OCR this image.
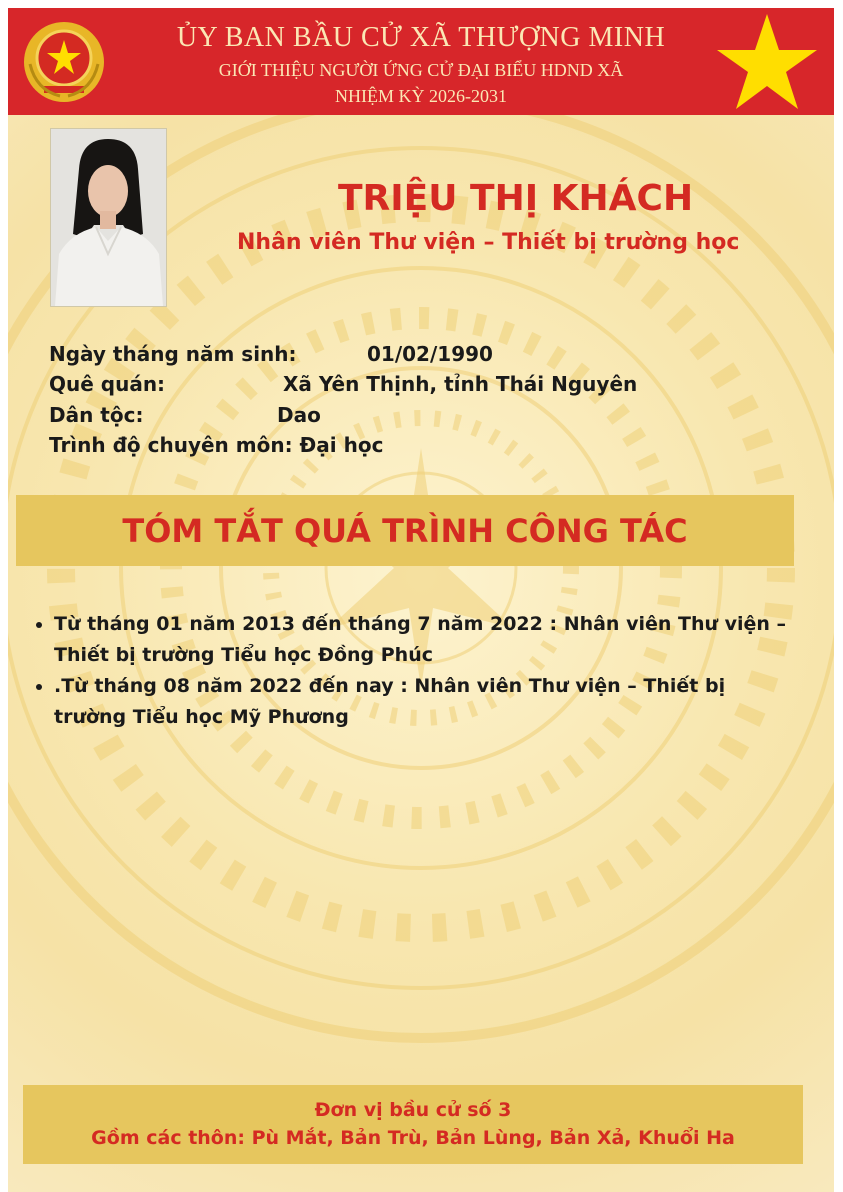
ỦY BAN BẦU CỬ XÃ THƯỢNG MINH
GIỚI THIỆU NGƯỜI ỨNG CỬ ĐẠI BIỂU HDND XÃ
NHIỆM KỲ 2026-2031
TRIỆU THỊ KHÁCH
Nhân viên Thư viện – Thiết bị trường học
Ngày tháng năm sinh:	01/02/1990
Quê quán:	Xã Yên Thịnh, tỉnh Thái Nguyên
Dân tộc:	Dao
Trình độ chuyên môn: Đại học
TÓM TẮT QUÁ TRÌNH CÔNG TÁC
• Từ tháng 01 năm 2013 đến tháng 7 năm 2022 : Nhân viên Thư viện – Thiết bị trường Tiểu học Đồng Phúc
• .Từ tháng 08 năm 2022 đến nay : Nhân viên Thư viện – Thiết bị trường Tiểu học Mỹ Phương
Đơn vị bầu cử số 3
Gồm các thôn: Pù Mắt, Bản Trù, Bản Lùng, Bản Xả, Khuổi Ha
